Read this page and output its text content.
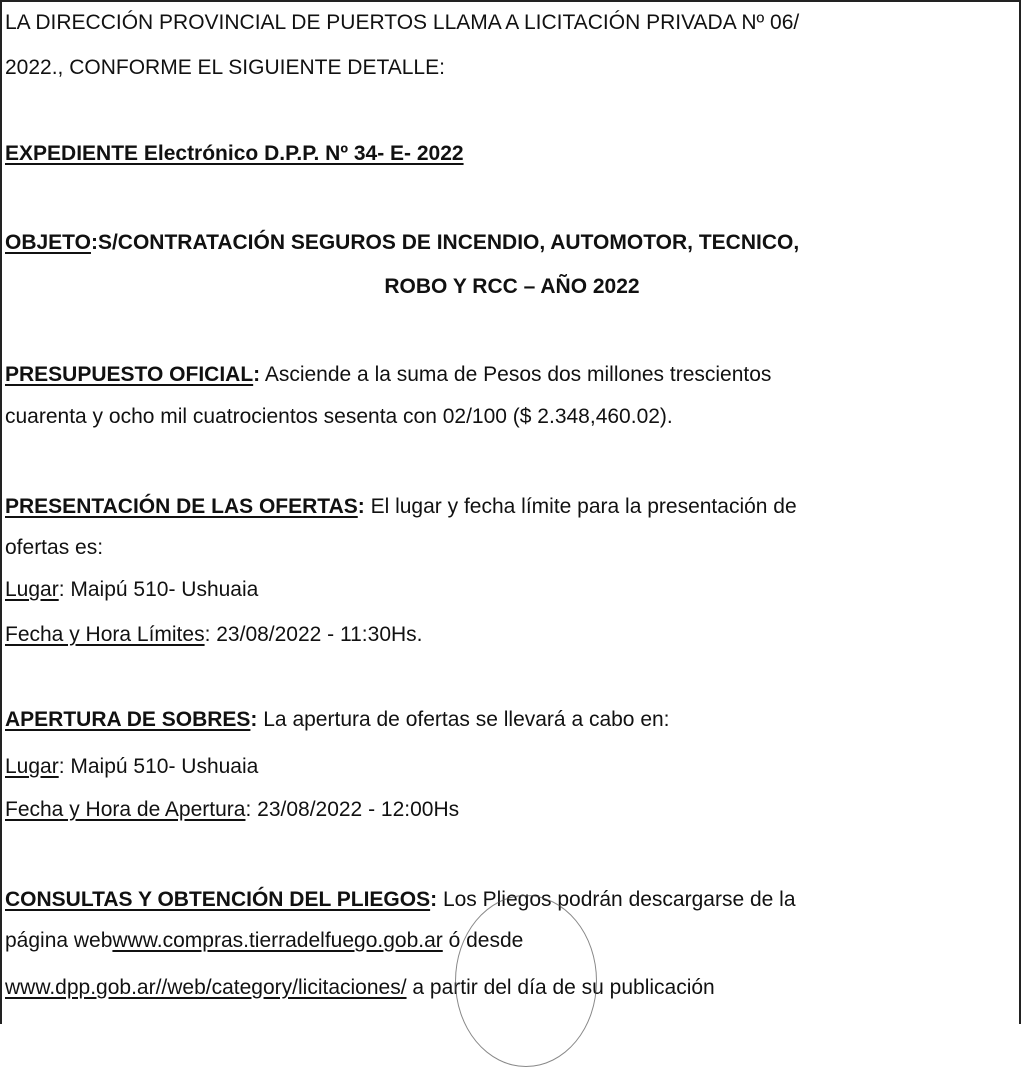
LA DIRECCIÓN PROVINCIAL DE PUERTOS LLAMA A LICITACIÓN PRIVADA Nº 06/
2022., CONFORME EL SIGUIENTE DETALLE:
EXPEDIENTE Electrónico D.P.P. Nº 34- E- 2022
OBJETO:S/CONTRATACIÓN SEGUROS DE INCENDIO, AUTOMOTOR, TECNICO,
ROBO Y RCC – AÑO 2022
PRESUPUESTO OFICIAL: Asciende a la suma de Pesos dos millones trescientos
cuarenta y ocho mil cuatrocientos sesenta con 02/100 ($ 2.348,460.02).
PRESENTACIÓN DE LAS OFERTAS: El lugar y fecha límite para la presentación de
ofertas es:
Lugar: Maipú 510- Ushuaia
Fecha y Hora Límites: 23/08/2022 - 11:30Hs.
APERTURA DE SOBRES: La apertura de ofertas se llevará a cabo en:
Lugar: Maipú 510- Ushuaia
Fecha y Hora de Apertura: 23/08/2022 - 12:00Hs
CONSULTAS Y OBTENCIÓN DEL PLIEGOS: Los Pliegos podrán descargarse de la
página webwww.compras.tierradelfuego.gob.ar ó desde
www.dpp.gob.ar//web/category/licitaciones/ a partir del día de su publicación
